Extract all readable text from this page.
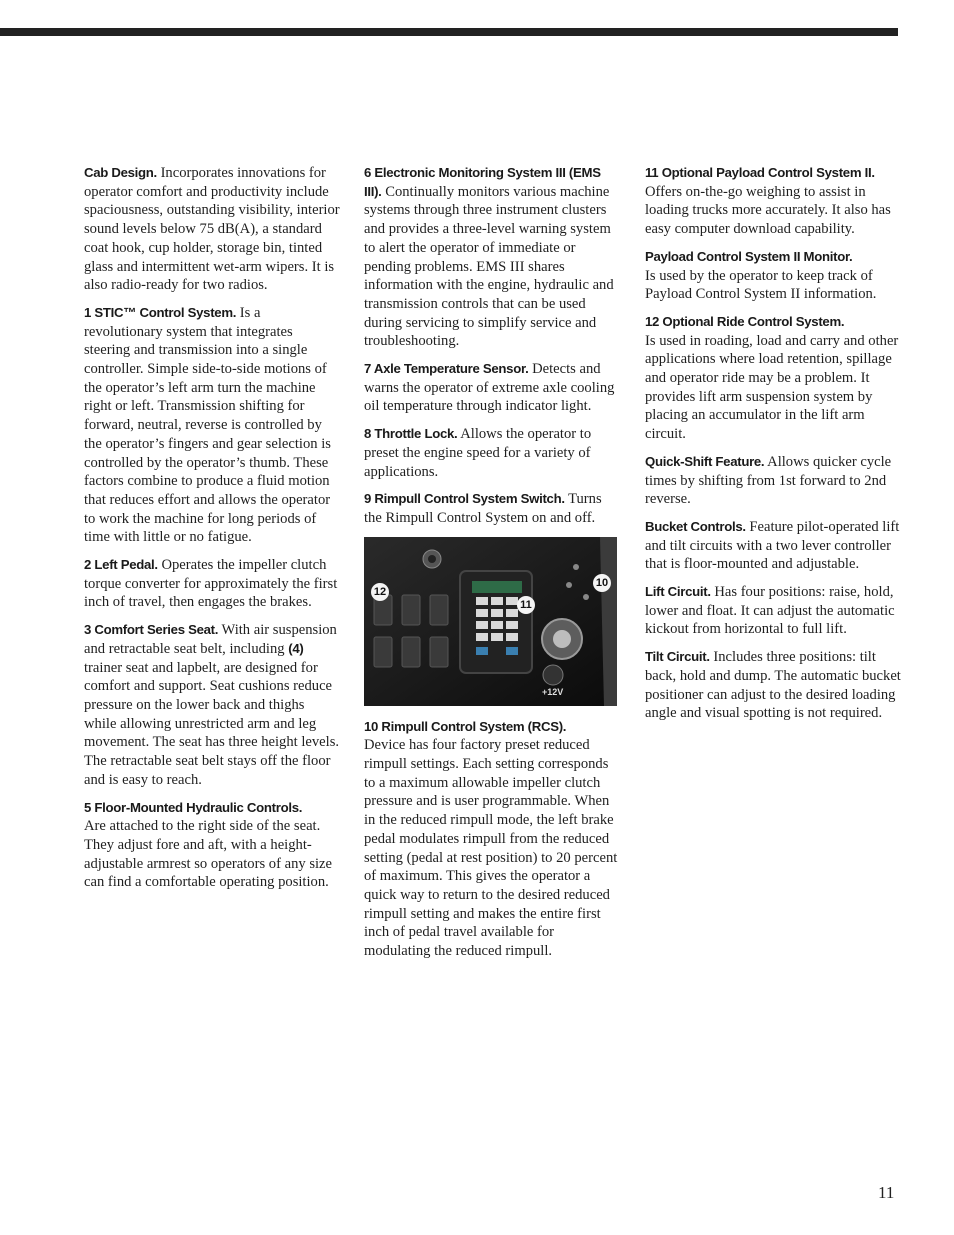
Cab Design. Incorporates innovations for operator comfort and productivity include spaciousness, outstanding visibility, interior sound levels below 75 dB(A), a standard coat hook, cup holder, storage bin, tinted glass and intermittent wet-arm wipers. It is also radio-ready for two radios.

1 STIC™ Control System. Is a revolutionary system that integrates steering and transmission into a single controller. Simple side-to-side motions of the operator’s left arm turn the machine right or left. Transmission shifting for forward, neutral, reverse is controlled by the operator’s fingers and gear selection is controlled by the operator’s thumb. These factors combine to produce a fluid motion that reduces effort and allows the operator to work the machine for long periods of time with little or no fatigue.

2 Left Pedal. Operates the impeller clutch torque converter for approximately the first inch of travel, then engages the brakes.

3 Comfort Series Seat. With air suspension and retractable seat belt, including (4) trainer seat and lapbelt, are designed for comfort and support. Seat cushions reduce pressure on the lower back and thighs while allowing unrestricted arm and leg movement. The seat has three height levels. The retractable seat belt stays off the floor and is easy to reach.

5 Floor-Mounted Hydraulic Controls.
Are attached to the right side of the seat. They adjust fore and aft, with a height-adjustable armrest so operators of any size can find a comfortable operating position.

6 Electronic Monitoring System III (EMS III). Continually monitors various machine systems through three instrument clusters and provides a three-level warning system to alert the operator of immediate or pending problems. EMS III shares information with the engine, hydraulic and transmission controls that can be used during servicing to simplify service and troubleshooting.

7 Axle Temperature Sensor. Detects and warns the operator of extreme axle cooling oil temperature through indicator light.

8 Throttle Lock. Allows the operator to preset the engine speed for a variety of applications.

9 Rimpull Control System Switch. Turns the Rimpull Control System on and off.

+12V
12
11
10

10 Rimpull Control System (RCS).
Device has four factory preset reduced rimpull settings. Each setting corresponds to a maximum allowable impeller clutch pressure and is user programmable. When in the reduced rimpull mode, the left brake pedal modulates rimpull from the reduced setting (pedal at rest position) to 20 percent of maximum. This gives the operator a quick way to return to the desired reduced rimpull setting and makes the entire first inch of pedal travel available for modulating the reduced rimpull.

11 Optional Payload Control System II.
Offers on-the-go weighing to assist in loading trucks more accurately. It also has easy computer download capability.

Payload Control System II Monitor.
Is used by the operator to keep track of Payload Control System II information.

12 Optional Ride Control System.
Is used in roading, load and carry and other applications where load retention, spillage and operator ride may be a problem. It provides lift arm suspension system by placing an accumulator in the lift arm circuit.

Quick-Shift Feature. Allows quicker cycle times by shifting from 1st forward to 2nd reverse.

Bucket Controls. Feature pilot-operated lift and tilt circuits with a two lever controller that is floor-mounted and adjustable.

Lift Circuit. Has four positions: raise, hold, lower and float. It can adjust the automatic kickout from horizontal to full lift.

Tilt Circuit. Includes three positions: tilt back, hold and dump. The automatic bucket positioner can adjust to the desired loading angle and visual spotting is not required.

11
